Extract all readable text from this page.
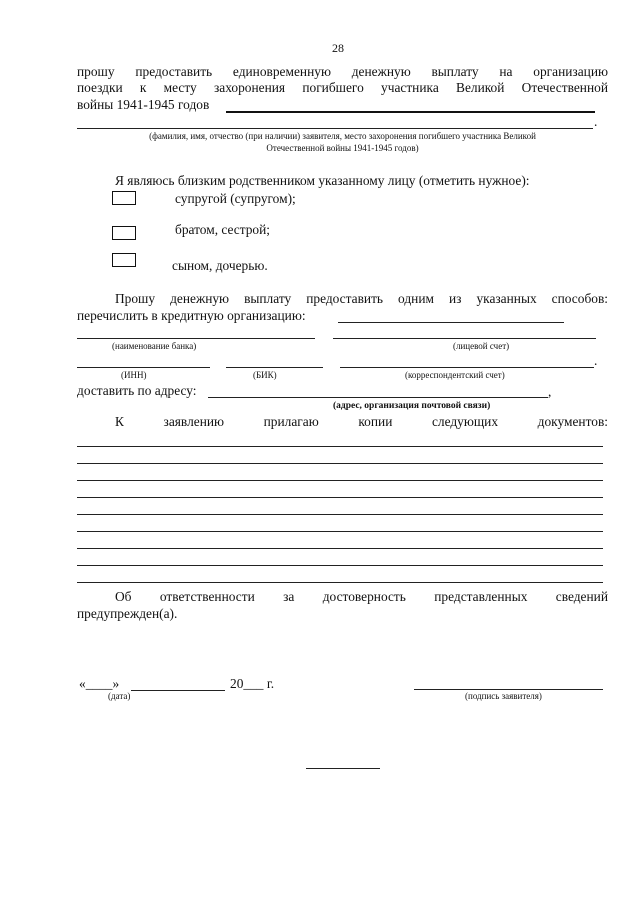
28
прошу предоставить единовременную денежную выплату на организацию
поездки к месту захоронения погибшего участника Великой Отечественной
войны 1941-1945 годов
.
(фамилия, имя, отчество (при наличии) заявителя, место захоронения погибшего участника Великой
Отечественной войны 1941-1945 годов)
Я являюсь близким родственником указанному лицу (отметить нужное):
супругой (супругом);
братом, сестрой;
сыном, дочерью.
Прошу денежную выплату предоставить одним из указанных способов:
перечислить в кредитную организацию:
(наименование банка)	(лицевой счет)
.
(ИНН)	(БИК)	(корреспондентский счет)
доставить по адресу:	,
(адрес, организация почтовой связи)
К заявлению прилагаю копии следующих документов:
Об ответственности за достоверность представленных сведений
предупрежден(а).
«____»	20___ г.
(дата)	(подпись заявителя)
